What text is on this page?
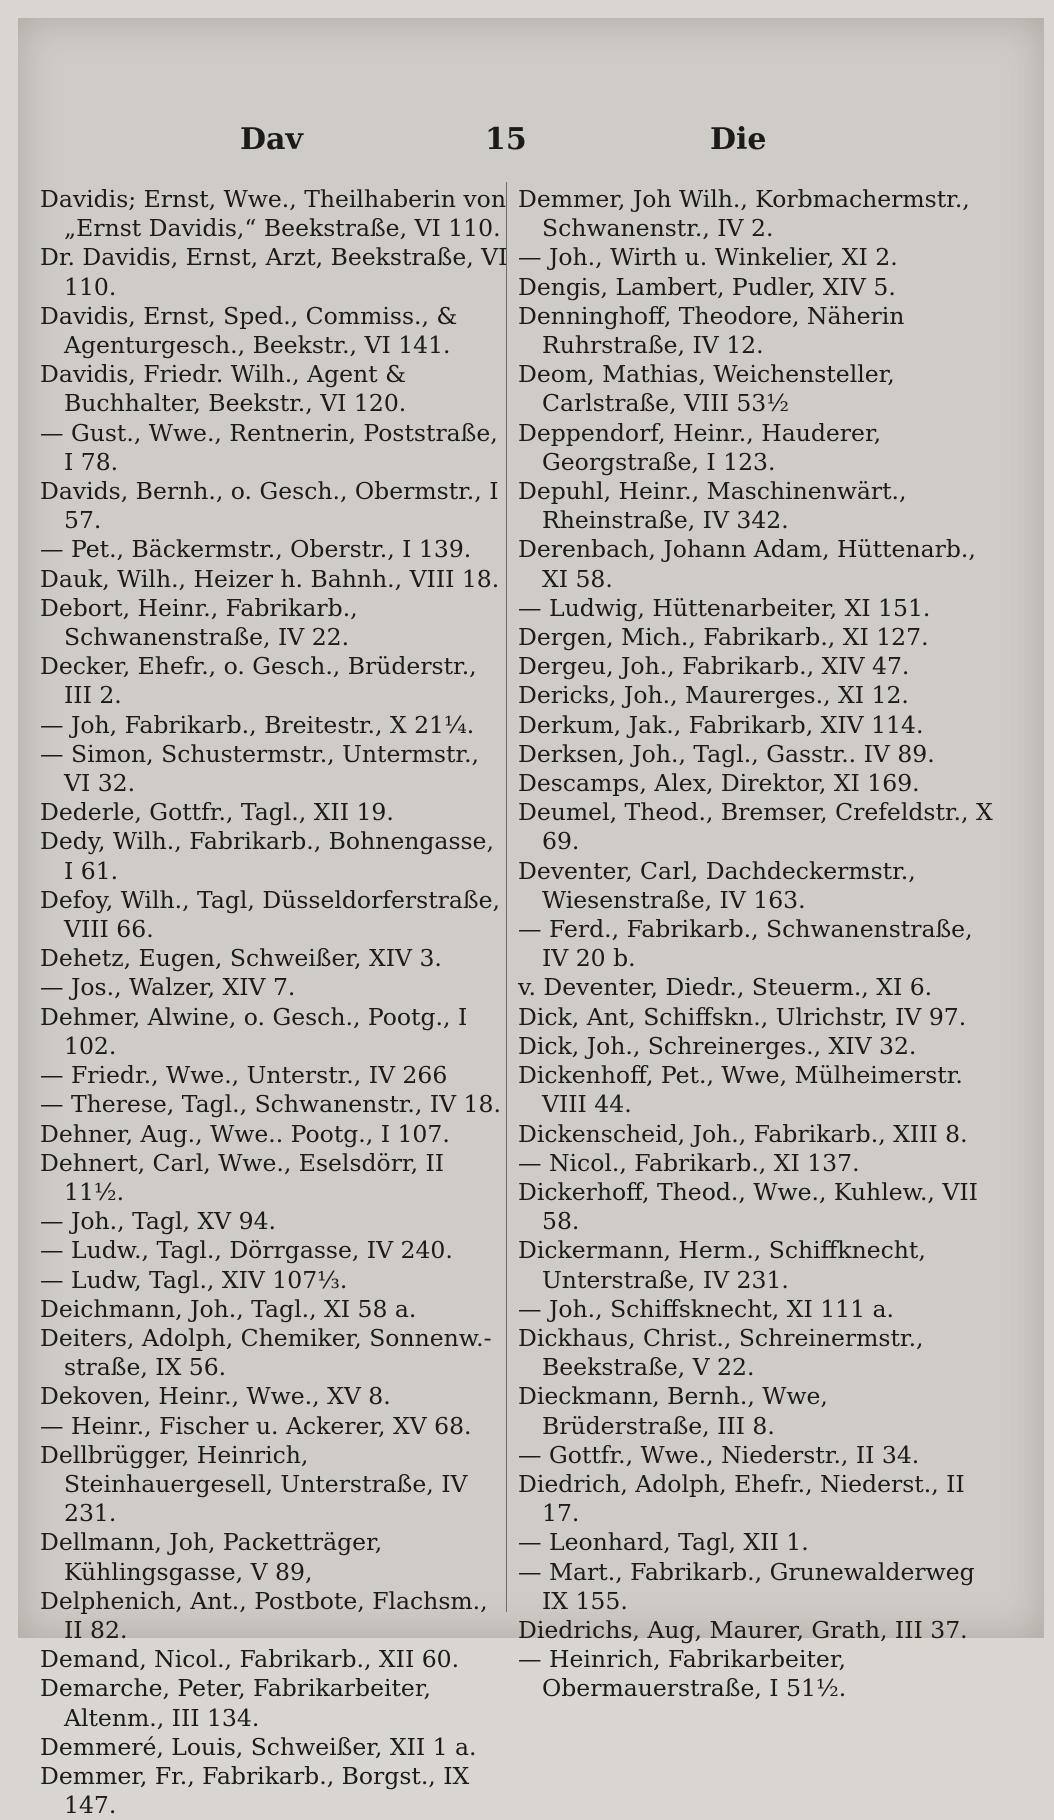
Dav	15	Die
Davidis; Ernst, Wwe., Theilhaberin von „Ernst Davidis,“ Beekstraße, VI 110.
Dr. Davidis, Ernst, Arzt, Beekstraße, VI 110.
Davidis, Ernst, Sped., Commiss., & Agenturgesch., Beekstr., VI 141.
Davidis, Friedr. Wilh., Agent & Buchhalter, Beekstr., VI 120.
— Gust., Wwe., Rentnerin, Poststraße, I 78.
Davids, Bernh., o. Gesch., Obermstr., I 57.
— Pet., Bäckermstr., Oberstr., I 139.
Dauk, Wilh., Heizer h. Bahnh., VIII 18.
Debort, Heinr., Fabrikarb., Schwanenstraße, IV 22.
Decker, Ehefr., o. Gesch., Brüderstr., III 2.
— Joh, Fabrikarb., Breitestr., X 21¼.
— Simon, Schustermstr., Untermstr., VI 32.
Dederle, Gottfr., Tagl., XII 19.
Dedy, Wilh., Fabrikarb., Bohnengasse, I 61.
Defoy, Wilh., Tagl, Düsseldorferstraße, VIII 66.
Dehetz, Eugen, Schweißer, XIV 3.
— Jos., Walzer, XIV 7.
Dehmer, Alwine, o. Gesch., Pootg., I 102.
— Friedr., Wwe., Unterstr., IV 266
— Therese, Tagl., Schwanenstr., IV 18.
Dehner, Aug., Wwe.. Pootg., I 107.
Dehnert, Carl, Wwe., Eselsdörr, II 11½.
— Joh., Tagl, XV 94.
— Ludw., Tagl., Dörrgasse, IV 240.
— Ludw, Tagl., XIV 107⅓.
Deichmann, Joh., Tagl., XI 58 a.
Deiters, Adolph, Chemiker, Sonnenw.-straße, IX 56.
Dekoven, Heinr., Wwe., XV 8.
— Heinr., Fischer u. Ackerer, XV 68.
Dellbrügger, Heinrich, Steinhauergesell, Unterstraße, IV 231.
Dellmann, Joh, Packetträger, Kühlingsgasse, V 89,
Delphenich, Ant., Postbote, Flachsm., II 82.
Demand, Nicol., Fabrikarb., XII 60.
Demarche, Peter, Fabrikarbeiter, Altenm., III 134.
Demmeré, Louis, Schweißer, XII 1 a.
Demmer, Fr., Fabrikarb., Borgst., IX 147.
Demmer, Joh Wilh., Korbmachermstr., Schwanenstr., IV 2.
— Joh., Wirth u. Winkelier, XI 2.
Dengis, Lambert, Pudler, XIV 5.
Denninghoff, Theodore, Näherin Ruhrstraße, IV 12.
Deom, Mathias, Weichensteller, Carlstraße, VIII 53½
Deppendorf, Heinr., Hauderer, Georgstraße, I 123.
Depuhl, Heinr., Maschinenwärt., Rheinstraße, IV 342.
Derenbach, Johann Adam, Hüttenarb., XI 58.
— Ludwig, Hüttenarbeiter, XI 151.
Dergen, Mich., Fabrikarb., XI 127.
Dergeu, Joh., Fabrikarb., XIV 47.
Dericks, Joh., Maurerges., XI 12.
Derkum, Jak., Fabrikarb, XIV 114.
Derksen, Joh., Tagl., Gasstr.. IV 89.
Descamps, Alex, Direktor, XI 169.
Deumel, Theod., Bremser, Crefeldstr., X 69.
Deventer, Carl, Dachdeckermstr., Wiesenstraße, IV 163.
— Ferd., Fabrikarb., Schwanenstraße, IV 20 b.
v. Deventer, Diedr., Steuerm., XI 6.
Dick, Ant, Schiffskn., Ulrichstr, IV 97.
Dick, Joh., Schreinerges., XIV 32.
Dickenhoff, Pet., Wwe, Mülheimerstr. VIII 44.
Dickenscheid, Joh., Fabrikarb., XIII 8.
— Nicol., Fabrikarb., XI 137.
Dickerhoff, Theod., Wwe., Kuhlew., VII 58.
Dickermann, Herm., Schiffknecht, Unterstraße, IV 231.
— Joh., Schiffsknecht, XI 111 a.
Dickhaus, Christ., Schreinermstr., Beekstraße, V 22.
Dieckmann, Bernh., Wwe, Brüderstraße, III 8.
— Gottfr., Wwe., Niederstr., II 34.
Diedrich, Adolph, Ehefr., Niederst., II 17.
— Leonhard, Tagl, XII 1.
— Mart., Fabrikarb., Grunewalderweg IX 155.
Diedrichs, Aug, Maurer, Grath, III 37.
— Heinrich, Fabrikarbeiter, Obermauerstraße, I 51½.
